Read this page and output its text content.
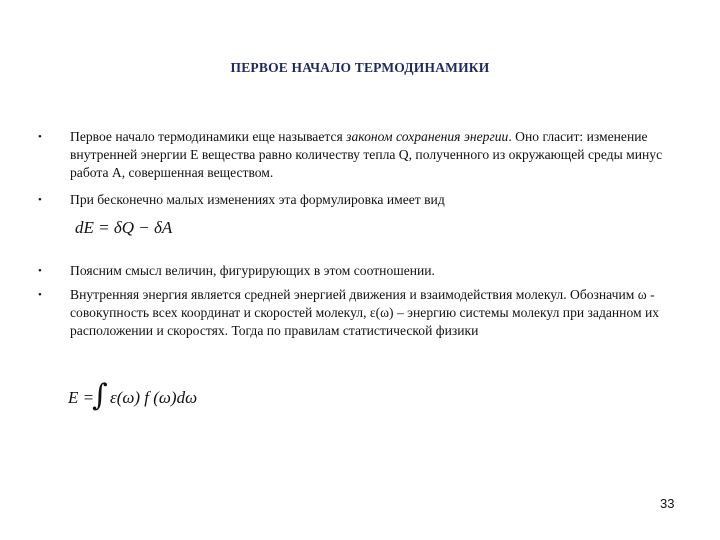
ПЕРВОЕ НАЧАЛО ТЕРМОДИНАМИКИ
• Первое начало термодинамики еще называется законом сохранения энергии. Оно гласит: изменение внутренней энергии E вещества равно количеству тепла Q, полученного из окружающей среды минус работа A, совершенная веществом.
• При бесконечно малых изменениях эта формулировка имеет вид
dE = δQ − δA
• Поясним смысл величин, фигурирующих в этом соотношении.
• Внутренняя энергия является средней энергией движения и взаимодействия молекул. Обозначим ω - совокупность всех координат и скоростей молекул, ε(ω) – энергию системы молекул при заданном их расположении и скоростях. Тогда по правилам статистической физики
E =
∫ ε(ω) f (ω)dω
33
